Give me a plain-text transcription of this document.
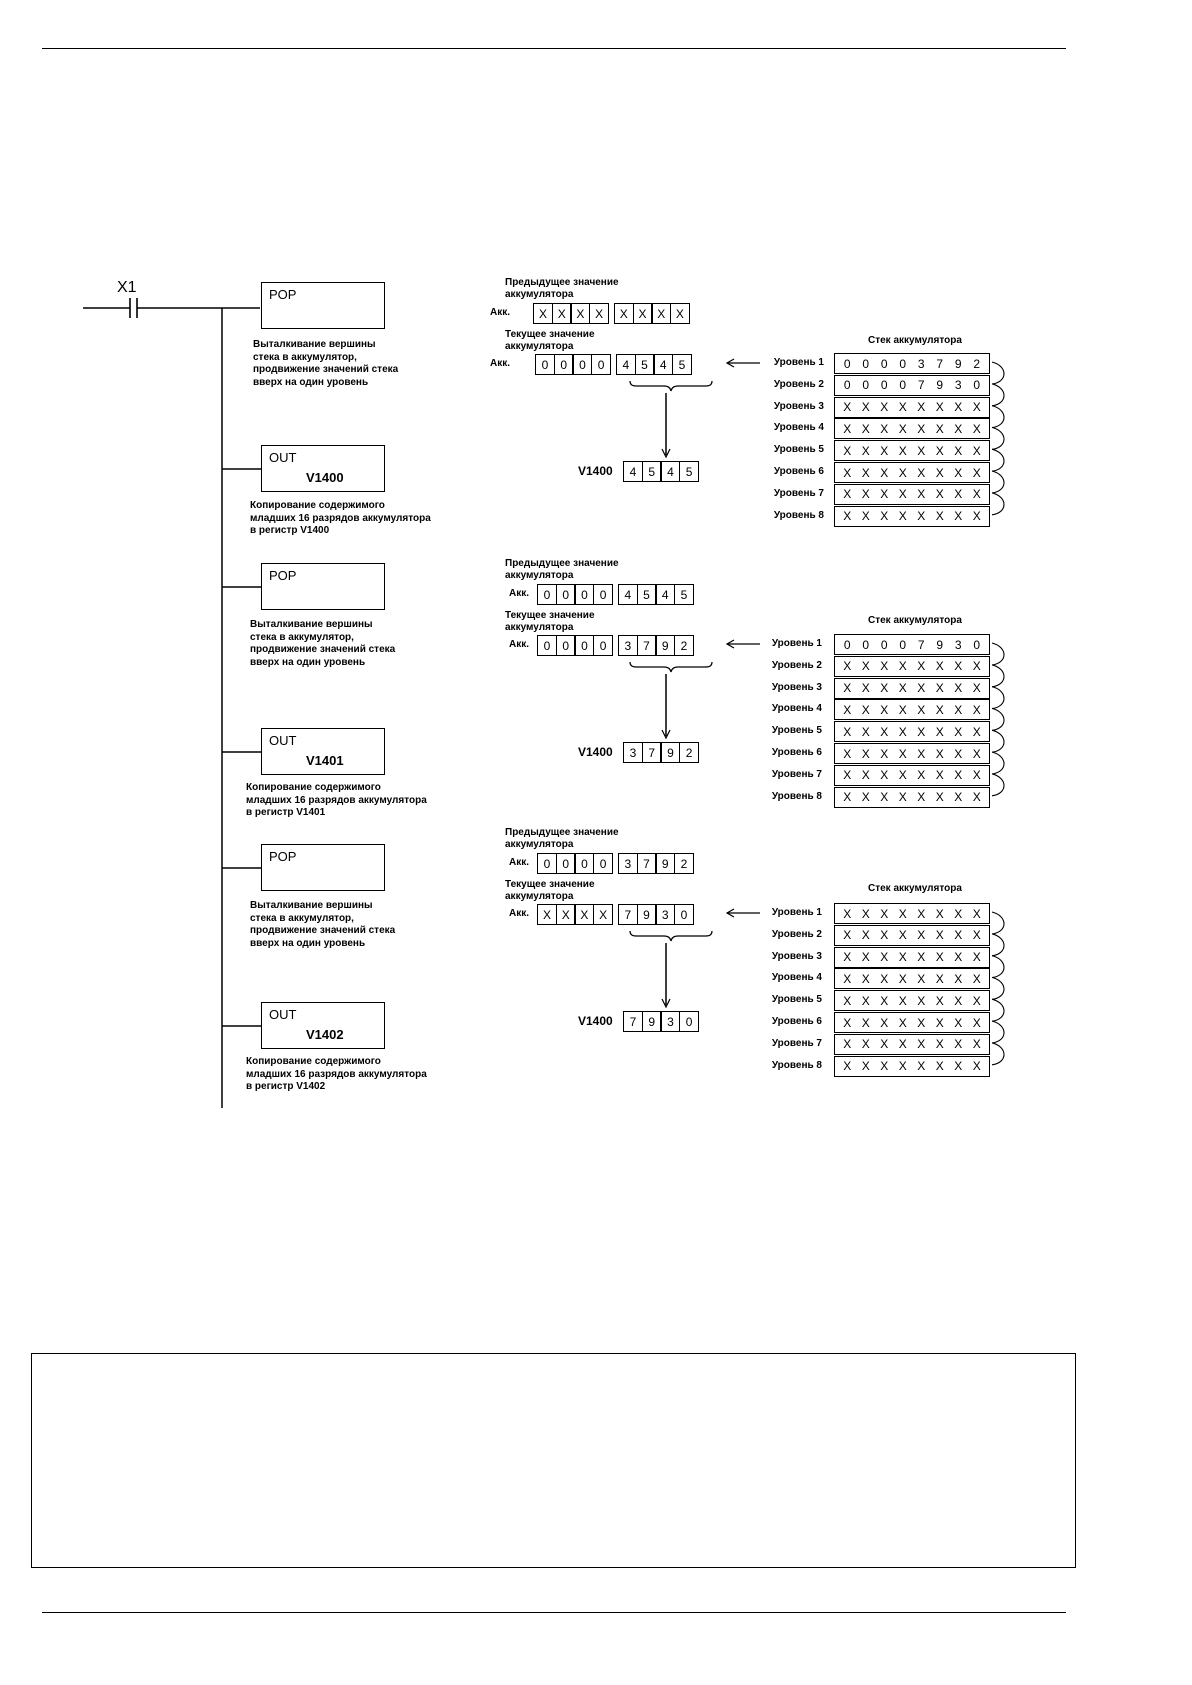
X1	POP
Выталкивание вершины
стека в аккумулятор,
продвижение значений стека
вверх на один уровень
OUT
V1400
Копирование содержимого
младших 16 разрядов аккумулятора
в регистр V1400
POP
Выталкивание вершины
стека в аккумулятор,
продвижение значений стека
вверх на один уровень
OUT
V1401
Копирование содержимого
младших 16 разрядов аккумулятора
в регистр V1401
POP
Выталкивание вершины
стека в аккумулятор,
продвижение значений стека
вверх на один уровень
OUT
V1402
Копирование содержимого
младших 16 разрядов аккумулятора
в регистр V1402
Предыдущее значение
аккумулятора
Акк.	X X X X	X X X X
Текущее значение
аккумулятора
Акк.	0	0	0	0	4	5	4	5
V1400	4	5	4	5
Стек аккумулятора
Уровень 1 0 0 0 0 3 7 9 2
Уровень 2 0 0 0 0 7 9 3 0
Уровень 3 X X X X X X X X
Уровень 4 X X X X X X X X
Уровень 5 X X X X X X X X
Уровень 6 X X X X X X X X
Уровень 7 X X X X X X X X
Уровень 8 X X X X X X X X
Предыдущее значение
аккумулятора
Акк.	0	0	0	0	4	5	4	5
Текущее значение
аккумулятора
Акк.	0	0	0	0	3	7	9	2
V1400	3	7	9	2
Стек аккумулятора
Уровень 1 0 0 0 0 7 9 3 0
Уровень 2 X X X X X X X X
Уровень 3 X X X X X X X X
Уровень 4 X X X X X X X X
Уровень 5 X X X X X X X X
Уровень 6 X X X X X X X X
Уровень 7 X X X X X X X X
Уровень 8 X X X X X X X X
Предыдущее значение
аккумулятора
Акк.	0	0	0	0	3	7	9	2
Текущее значение
аккумулятора
Акк.	X X X X	7	9	3	0
V1400	7	9	3	0
Стек аккумулятора
Уровень 1 X X X X X X X X
Уровень 2 X X X X X X X X
Уровень 3 X X X X X X X X
Уровень 4 X X X X X X X X
Уровень 5 X X X X X X X X
Уровень 6 X X X X X X X X
Уровень 7 X X X X X X X X
Уровень 8 X X X X X X X X
